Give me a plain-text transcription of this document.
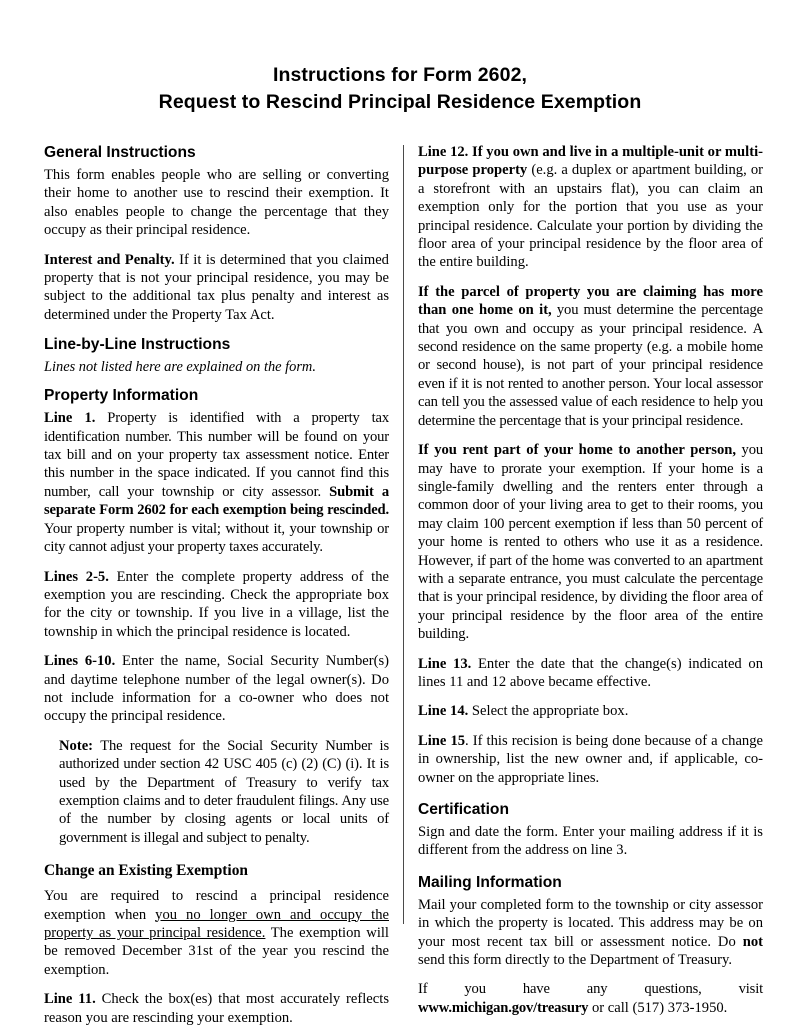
Instructions for Form 2602,
Request to Rescind Principal Residence Exemption
General Instructions

This form enables people who are selling or converting their home to another use to rescind their exemption. It also enables people to change the percentage that they occupy as their principal residence.

Interest and Penalty. If it is determined that you claimed property that is not your principal residence, you may be subject to the additional tax plus penalty and interest as determined under the Property Tax Act.

Line-by-Line Instructions

Lines not listed here are explained on the form.

Property Information

Line 1. Property is identified with a property tax identification number. This number will be found on your tax bill and on your property tax assessment notice. Enter this number in the space indicated. If you cannot find this number, call your township or city assessor. Submit a separate Form 2602 for each exemption being rescinded. Your property number is vital; without it, your township or city cannot adjust your property taxes accurately.

Lines 2-5. Enter the complete property address of the exemption you are rescinding. Check the appropriate box for the city or township. If you live in a village, list the township in which the principal residence is located.

Lines 6-10. Enter the name, Social Security Number(s) and daytime telephone number of the legal owner(s). Do not include information for a co-owner who does not occupy the principal residence.

Note: The request for the Social Security Number is authorized under section 42 USC 405 (c) (2) (C) (i). It is used by the Department of Treasury to verify tax exemption claims and to deter fraudulent filings. Any use of the number by closing agents or local units of government is illegal and subject to penalty.
Change an Existing Exemption

You are required to rescind a principal residence exemption when you no longer own and occupy the property as your principal residence. The exemption will be removed December 31st of the year you rescind the exemption.

Line 11. Check the box(es) that most accurately reflects reason you are rescinding your exemption.

Line 12. If you own and live in a multiple-unit or multi-purpose property (e.g. a duplex or apartment building, or a storefront with an upstairs flat), you can claim an exemption only for the portion that you use as your principal residence. Calculate your portion by dividing the floor area of your principal residence by the floor area of the entire building.

If the parcel of property you are claiming has more than one home on it, you must determine the percentage that you own and occupy as your principal residence. A second residence on the same property (e.g. a mobile home or second house), is not part of your principal residence even if it is not rented to another person. Your local assessor can tell you the assessed value of each residence to help you determine the percentage that is your principal residence.

If you rent part of your home to another person, you may have to prorate your exemption. If your home is a single-family dwelling and the renters enter through a common door of your living area to get to their rooms, you may claim 100 percent exemption if less than 50 percent of your home is rented to others who use it as a residence. However, if part of the home was converted to an apartment with a separate entrance, you must calculate the percentage that is your principal residence, by dividing the floor area of your principal residence by the floor area of the entire building.

Line 13. Enter the date that the change(s) indicated on lines 11 and 12 above became effective.

Line 14. Select the appropriate box.

Line 15. If this recision is being done because of a change in ownership, list the new owner and, if applicable, co-owner on the appropriate lines.

Certification

Sign and date the form. Enter your mailing address if it is different from the address on line 3.

Mailing Information

Mail your completed form to the township or city assessor in which the property is located. This address may be on your most recent tax bill or assessment notice. Do not send this form directly to the Department of Treasury.

If you have any questions, visit www.michigan.gov/treasury or call (517) 373-1950.
